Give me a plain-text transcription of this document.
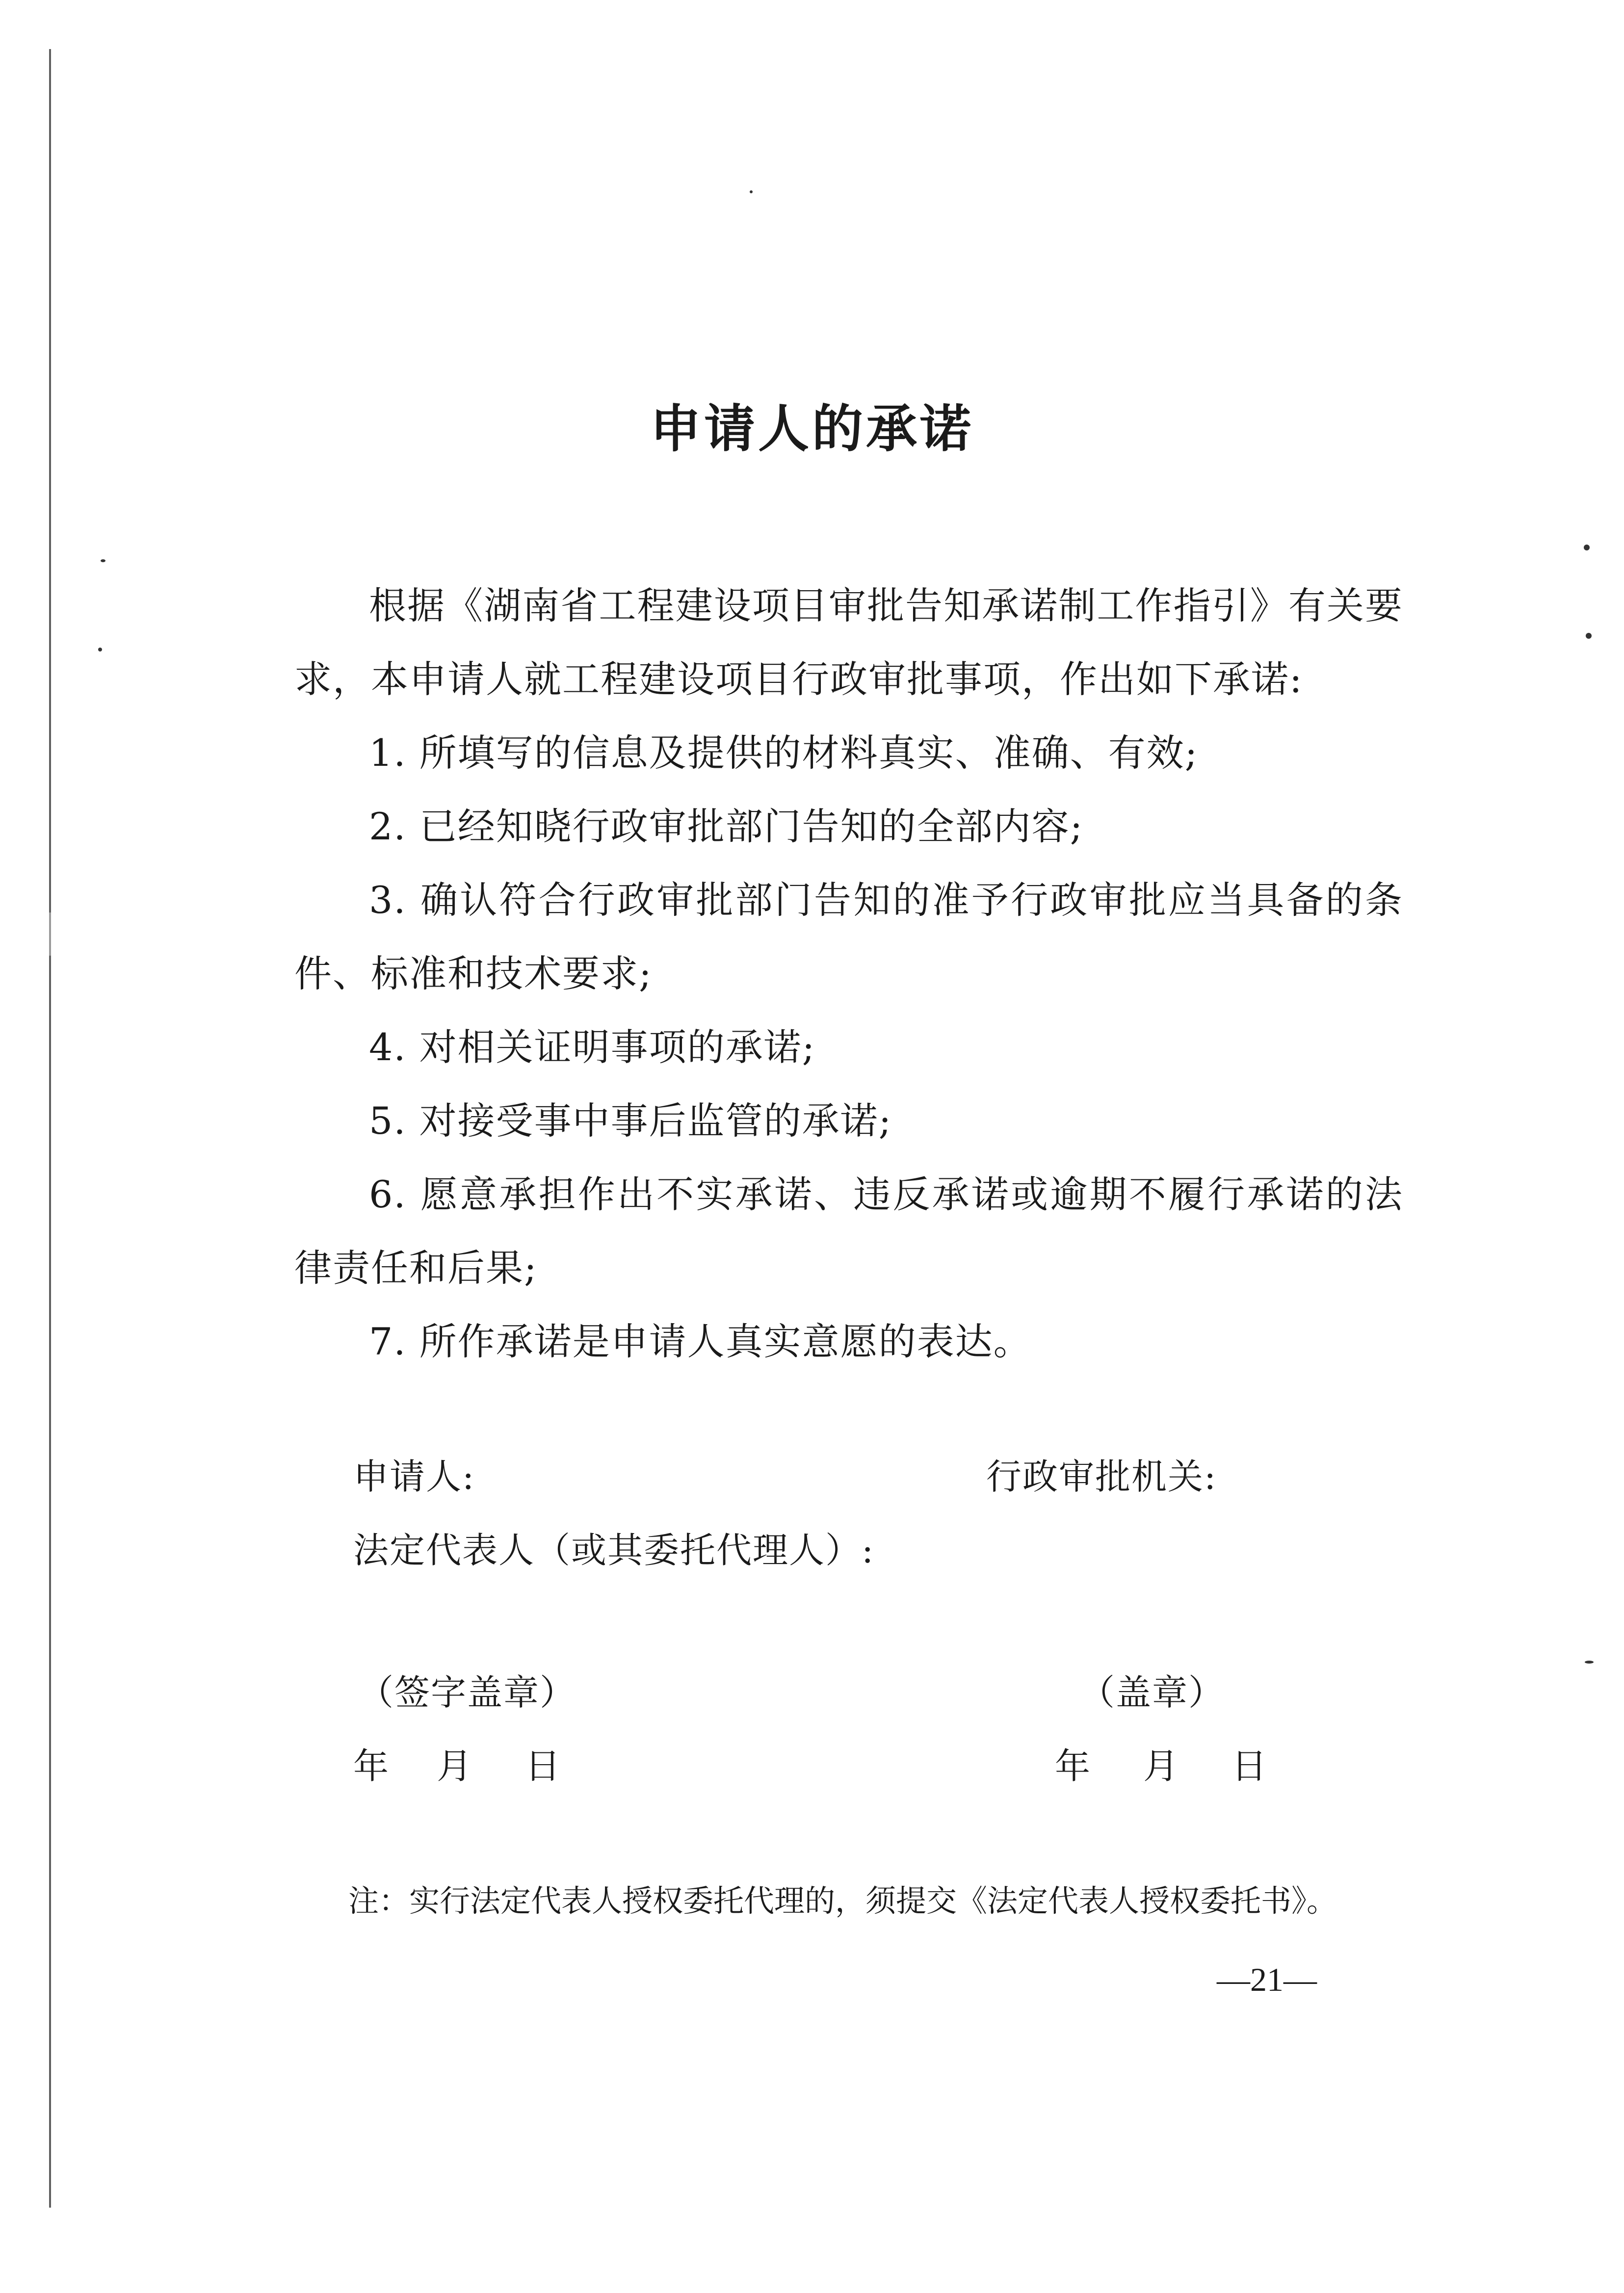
申请人的承诺
根据《湖南省工程建设项目审批告知承诺制工作指引》有关要求，本申请人就工程建设项目行政审批事项，作出如下承诺:
1. 所填写的信息及提供的材料真实、准确、有效;
2. 已经知晓行政审批部门告知的全部内容;
3. 确认符合行政审批部门告知的准予行政审批应当具备的条件、标准和技术要求;
4. 对相关证明事项的承诺;
5. 对接受事中事后监管的承诺;
6. 愿意承担作出不实承诺、违反承诺或逾期不履行承诺的法律责任和后果;
7. 所作承诺是申请人真实意愿的表达。
申请人:	行政审批机关:
法定代表人（或其委托代理人）:
（签字盖章）	（盖章）
年 月 日	年 月 日
注：实行法定代表人授权委托代理的，须提交《法定代表人授权委托书》。
—21—
